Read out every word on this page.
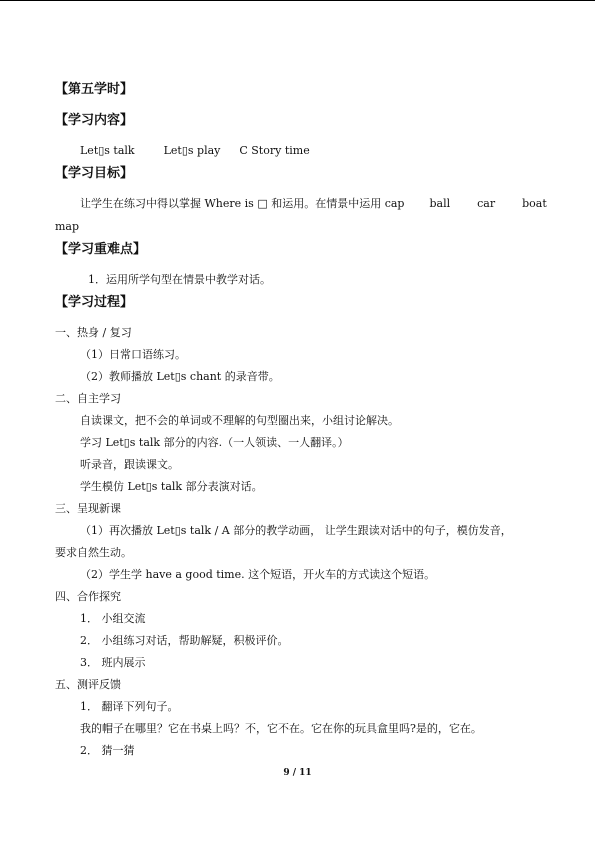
【第五学时】
【学习内容】
Let▯s talk	Let▯s play C Story time
【学习目标】
让学生在练习中得以掌握 Where is □ 和运用。在情景中运用 cap ball car boat
map
【学习重难点】
1．运用所学句型在情景中教学对话。
【学习过程】
一、热身 / 复习
（1）日常口语练习。
（2）教师播放 Let▯s chant 的录音带。
二、自主学习
自读课文，把不会的单词或不理解的句型圈出来，小组讨论解决。
学习 Let▯s talk 部分的内容.（一人领读、一人翻译。）
听录音，跟读课文。
学生模仿 Let▯s talk 部分表演对话。
三、呈现新课
（1）再次播放 Let▯s talk / A 部分的教学动画， 让学生跟读对话中的句子，模仿发音，
要求自然生动。
（2）学生学 have a good time. 这个短语，开火车的方式读这个短语。
四、合作探究
1． 小组交流
2． 小组练习对话，帮助解疑，积极评价。
3． 班内展示
五、测评反馈
1． 翻译下列句子。
我的帽子在哪里？它在书桌上吗？不，它不在。它在你的玩具盒里吗?是的，它在。
2． 猜一猜
9 / 11
